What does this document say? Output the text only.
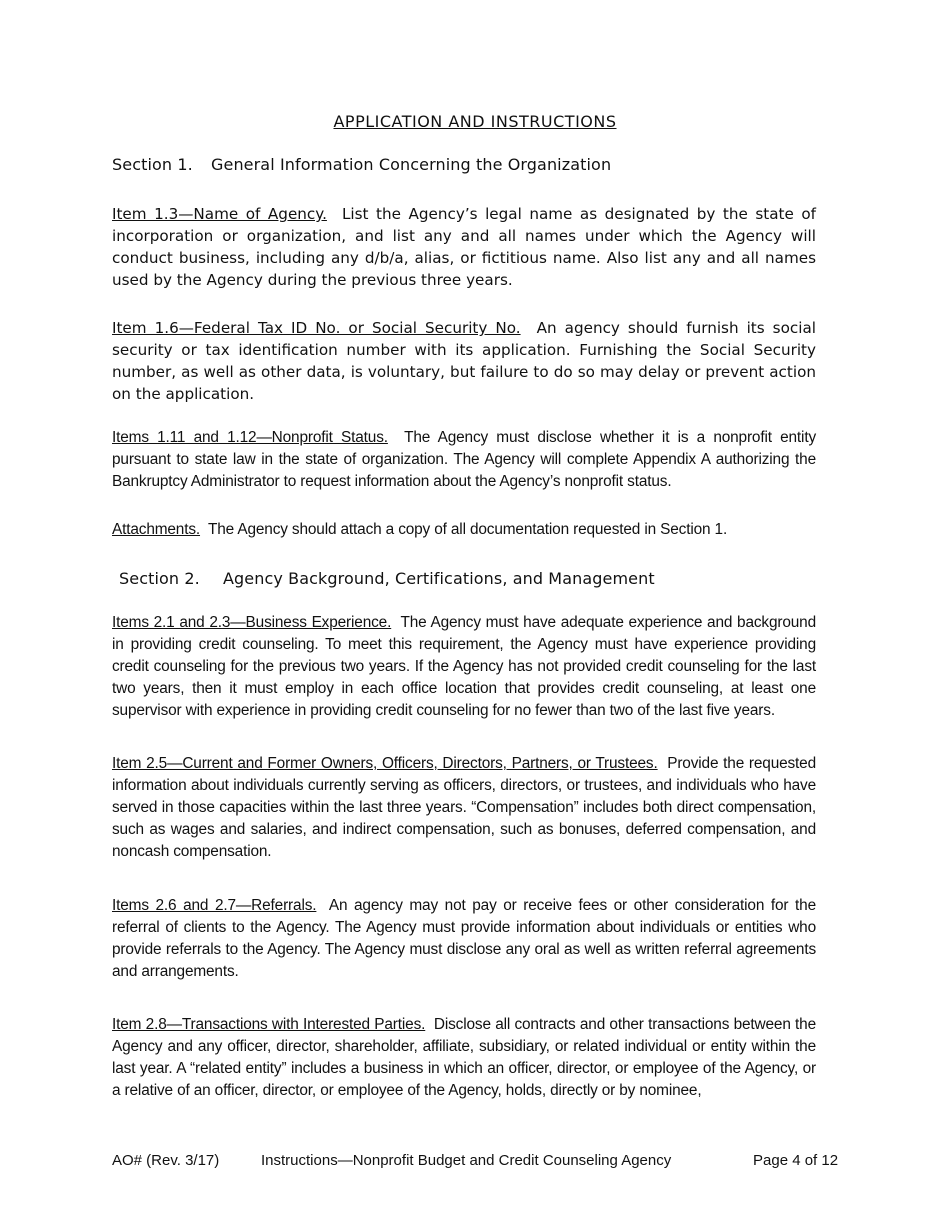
APPLICATION AND INSTRUCTIONS
Section 1. General Information Concerning the Organization
Item 1.3—Name of Agency. List the Agency’s legal name as designated by the state of incorporation or organization, and list any and all names under which the Agency will conduct business, including any d/b/a, alias, or fictitious name. Also list any and all names used by the Agency during the previous three years.
Item 1.6—Federal Tax ID No. or Social Security No. An agency should furnish its social security or tax identification number with its application. Furnishing the Social Security number, as well as other data, is voluntary, but failure to do so may delay or prevent action on the application.
Items 1.11 and 1.12—Nonprofit Status. The Agency must disclose whether it is a nonprofit entity pursuant to state law in the state of organization. The Agency will complete Appendix A authorizing the Bankruptcy Administrator to request information about the Agency’s nonprofit status.
Attachments. The Agency should attach a copy of all documentation requested in Section 1.
Section 2. Agency Background, Certifications, and Management
Items 2.1 and 2.3—Business Experience. The Agency must have adequate experience and background in providing credit counseling. To meet this requirement, the Agency must have experience providing credit counseling for the previous two years. If the Agency has not provided credit counseling for the last two years, then it must employ in each office location that provides credit counseling, at least one supervisor with experience in providing credit counseling for no fewer than two of the last five years.
Item 2.5—Current and Former Owners, Officers, Directors, Partners, or Trustees. Provide the requested information about individuals currently serving as officers, directors, or trustees, and individuals who have served in those capacities within the last three years. “Compensation” includes both direct compensation, such as wages and salaries, and indirect compensation, such as bonuses, deferred compensation, and noncash compensation.
Items 2.6 and 2.7—Referrals. An agency may not pay or receive fees or other consideration for the referral of clients to the Agency. The Agency must provide information about individuals or entities who provide referrals to the Agency. The Agency must disclose any oral as well as written referral agreements and arrangements.
Item 2.8—Transactions with Interested Parties. Disclose all contracts and other transactions between the Agency and any officer, director, shareholder, affiliate, subsidiary, or related individual or entity within the last year. A “related entity” includes a business in which an officer, director, or employee of the Agency, or a relative of an officer, director, or employee of the Agency, holds, directly or by nominee,
AO# (Rev. 3/17)	Instructions—Nonprofit Budget and Credit Counseling Agency	Page 4 of 12
